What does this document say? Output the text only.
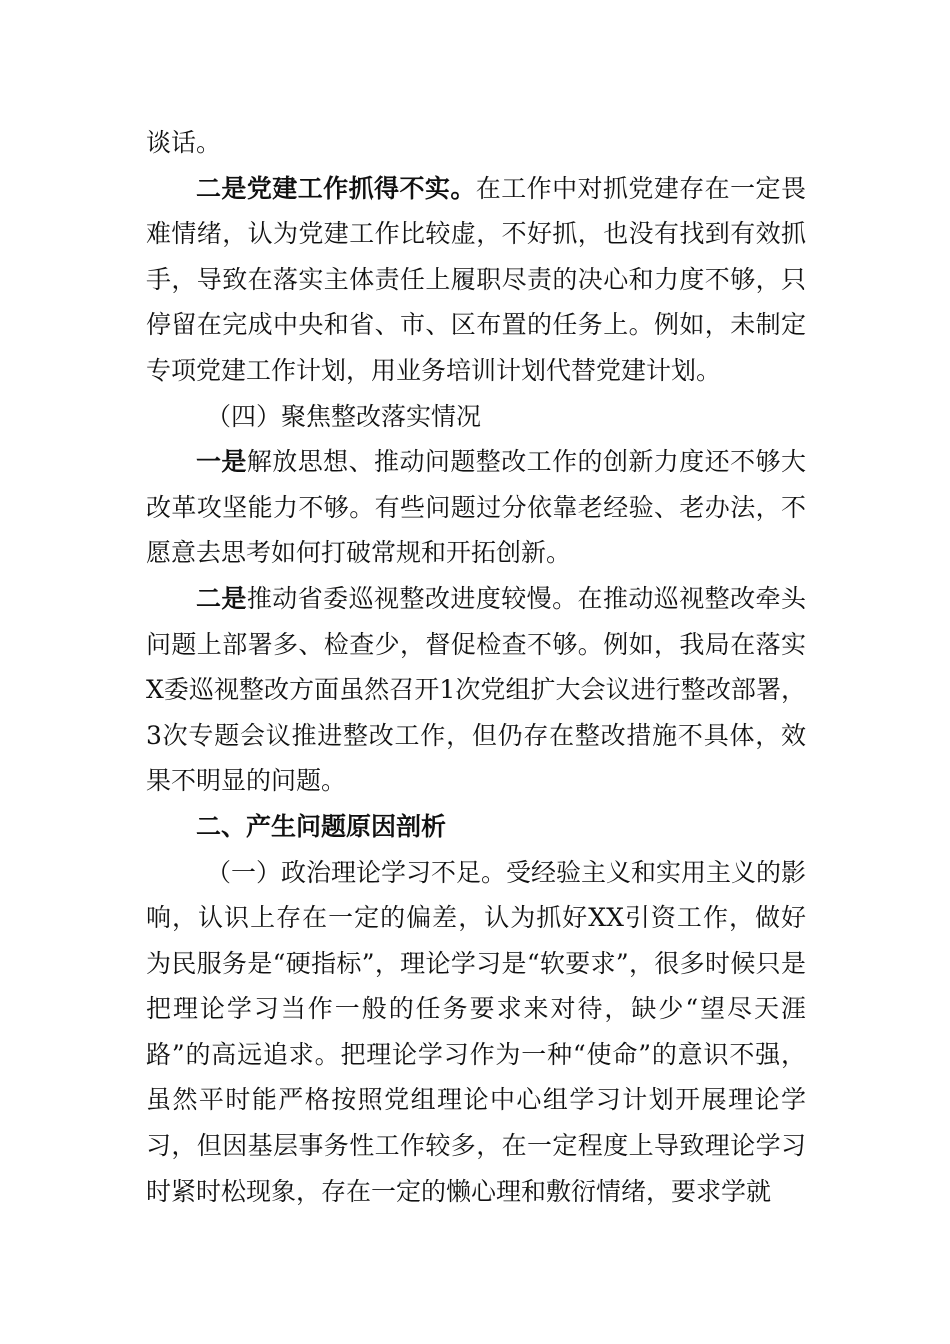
谈话。

二是党建工作抓得不实。在工作中对抓党建存在一定畏难情绪，认为党建工作比较虚，不好抓，也没有找到有效抓手，导致在落实主体责任上履职尽责的决心和力度不够，只停留在完成中央和省、市、区布置的任务上。例如，未制定专项党建工作计划，用业务培训计划代替党建计划。

（四）聚焦整改落实情况

一是解放思想、推动问题整改工作的创新力度还不够大改革攻坚能力不够。有些问题过分依靠老经验、老办法，不愿意去思考如何打破常规和开拓创新。

二是推动省委巡视整改进度较慢。在推动巡视整改牵头问题上部署多、检查少，督促检查不够。例如，我局在落实X委巡视整改方面虽然召开1次党组扩大会议进行整改部署，3次专题会议推进整改工作，但仍存在整改措施不具体，效果不明显的问题。

二、产生问题原因剖析

（一）政治理论学习不足。受经验主义和实用主义的影响，认识上存在一定的偏差，认为抓好XX引资工作，做好为民服务是“硬指标”，理论学习是“软要求”，很多时候只是把理论学习当作一般的任务要求来对待，缺少“望尽天涯路”的高远追求。把理论学习作为一种“使命”的意识不强，虽然平时能严格按照党组理论中心组学习计划开展理论学习，但因基层事务性工作较多，在一定程度上导致理论学习时紧时松现象，存在一定的懒心理和敷衍情绪，要求学就
